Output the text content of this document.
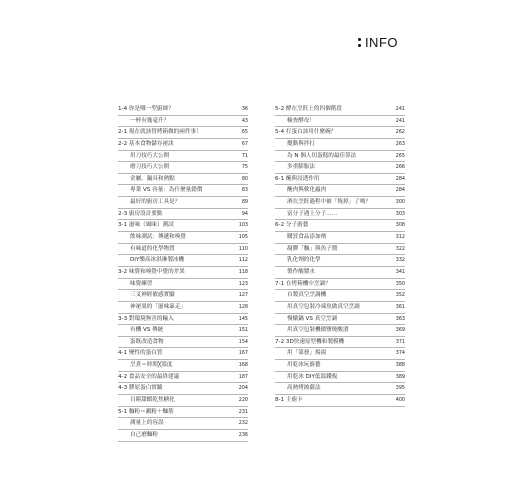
INFO
1-4 你是哪一型廚師？	36
一杯有幾毫升？	43
2-1 現在就該替烤箱做的兩件事！	65
2-2 基本食物儲存祕訣	67
用刀技巧大公開	71
磨刀技巧大公開	75
金屬、鍋具和熱點	80
專業 VS 容量：為什麼量錯價	83
最好的廚房工具是？	89
2-3 廚房設計要點	94
3-1 滋味（風味）測試	103
飲味測試：傳遞和嗅覺	105
有味道的化學物質	110
DIY樂高冰淇淋製冰機	112
3-2 味覺和嗅覺中覺的差異	118
味覺練習	123
三叉神經敏感實驗	127
神祕果的「滋味暴走」	128
3-3 對環境無害的輸入	145
有機 VS 傳統	151
蛋既改造食物	154
4-1 變性的蛋白質	167
烹煮＝時間╳溫度	168
4-2 食品安全的最終建議	187
4-3 膠原蛋白實驗	204
目睹甜蝦乾焦糖化	220
5-1 麵粉＝澱粉＋麵筋	231
測量上的容誤	232
自己磨麵粉	236
5-2 酵在烹飪上的四個階段	241
檢查酵母！	241
5-4 打蛋白該用什麼碗？	262
攪動與拌打	263
為 N 個人切蛋糕的最佳算法	265
多重膨脹法	266
6-1 醃與浸透作用	284
醃肉與軟化蟲肉	284
酒在烹飪過程中被「燒掉」了嗎？	300
富分子遇上分子……	303
6-2 分子廚藝	308
購買食品添加劑	312
凝膠「麵」與魚子醬	322
乳化劑的化學	332
製作酸漿水	341
7-1 在烤箱機中烹調？	350
自製真空烹調機	352
用真空包裝冷凍魚做真空烹調	361
慢燉鍋 VS 真空烹調	363
用真空包裝機做鹽燒酸漬	369
7-2 3D快速原型機和製模機	371
用「第發」焗湯	374
用乾冰玩廚藝	388
用乾冰 DIY低溫鐵板	389
高熱烤披薩法	395
8-1 主廚卡	400
